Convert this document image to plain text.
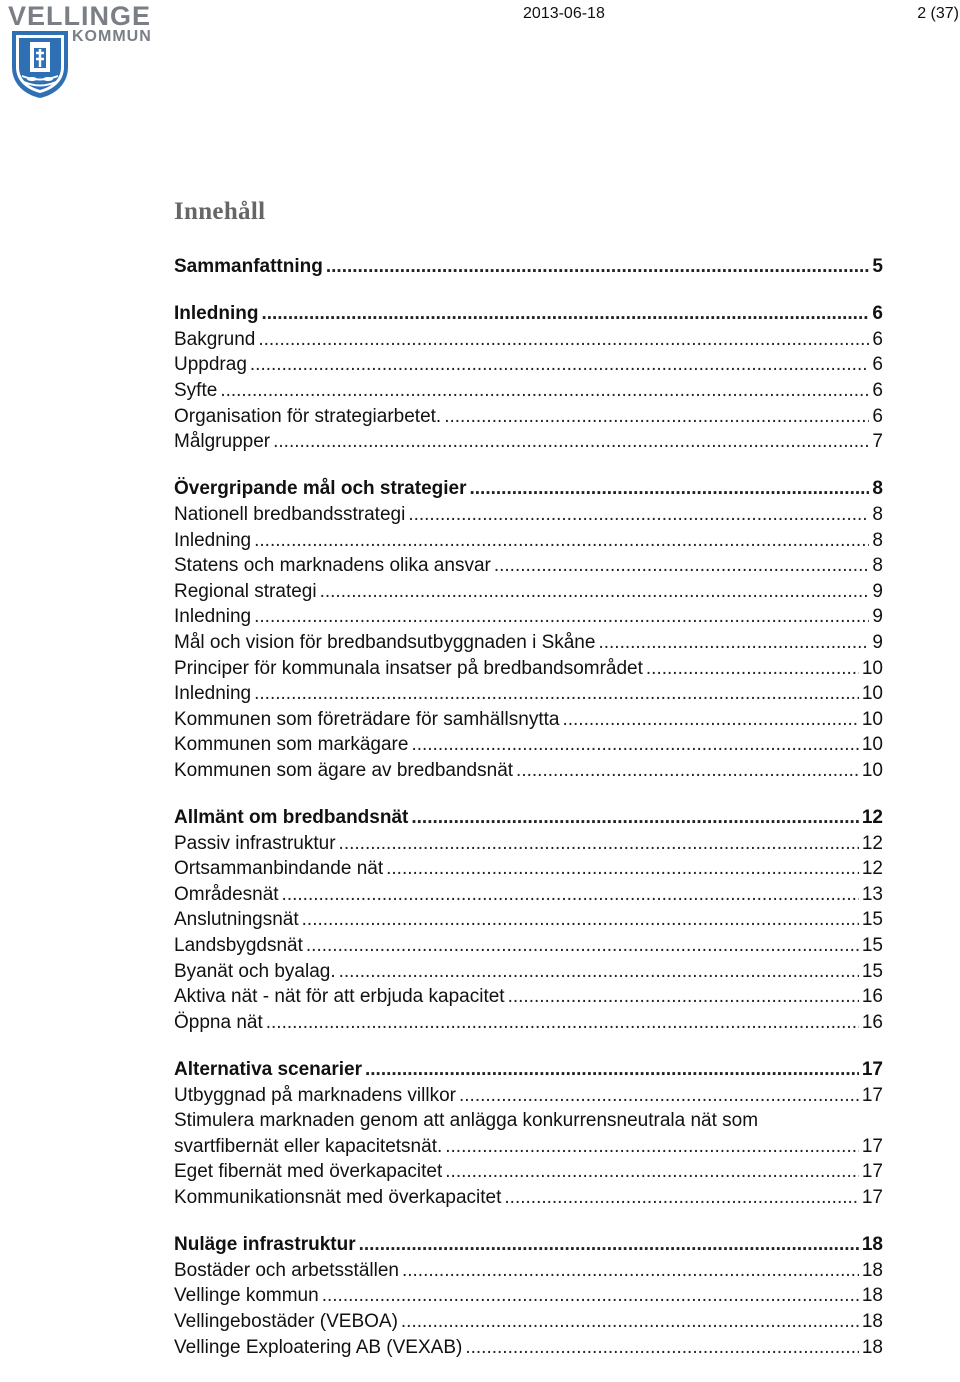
VELLINGE
KOMMUN
2013-06-18	2 (37)
Innehåll
Sammanfattning .....	5
Inledning .....	6
Bakgrund .....	6
Uppdrag .....	6
Syfte .....	6
Organisation för strategiarbetet. .....	6
Målgrupper .....	7
Övergripande mål och strategier .....	8
Nationell bredbandsstrategi .....	8
Inledning .....	8
Statens och marknadens olika ansvar .....	8
Regional strategi .....	9
Inledning .....	9
Mål och vision för bredbandsutbyggnaden i Skåne .....	9
Principer för kommunala insatser på bredbandsområdet .....	10
Inledning .....	10
Kommunen som företrädare för samhällsnytta .....	10
Kommunen som markägare .....	10
Kommunen som ägare av bredbandsnät .....	10
Allmänt om bredbandsnät .....	12
Passiv infrastruktur .....	12
Ortsammanbindande nät .....	12
Områdesnät .....	13
Anslutningsnät .....	15
Landsbygdsnät .....	15
Byanät och byalag. .....	15
Aktiva nät - nät för att erbjuda kapacitet .....	16
Öppna nät .....	16
Alternativa scenarier .....	17
Utbyggnad på marknadens villkor .....	17
Stimulera marknaden genom att anlägga konkurrensneutrala nät som
svartfibernät eller kapacitetsnät. .....	17
Eget fibernät med överkapacitet .....	17
Kommunikationsnät med överkapacitet .....	17
Nuläge infrastruktur .....	18
Bostäder och arbetsställen .....	18
Vellinge kommun .....	18
Vellingebostäder (VEBOA) .....	18
Vellinge Exploatering AB (VEXAB) .....	18
